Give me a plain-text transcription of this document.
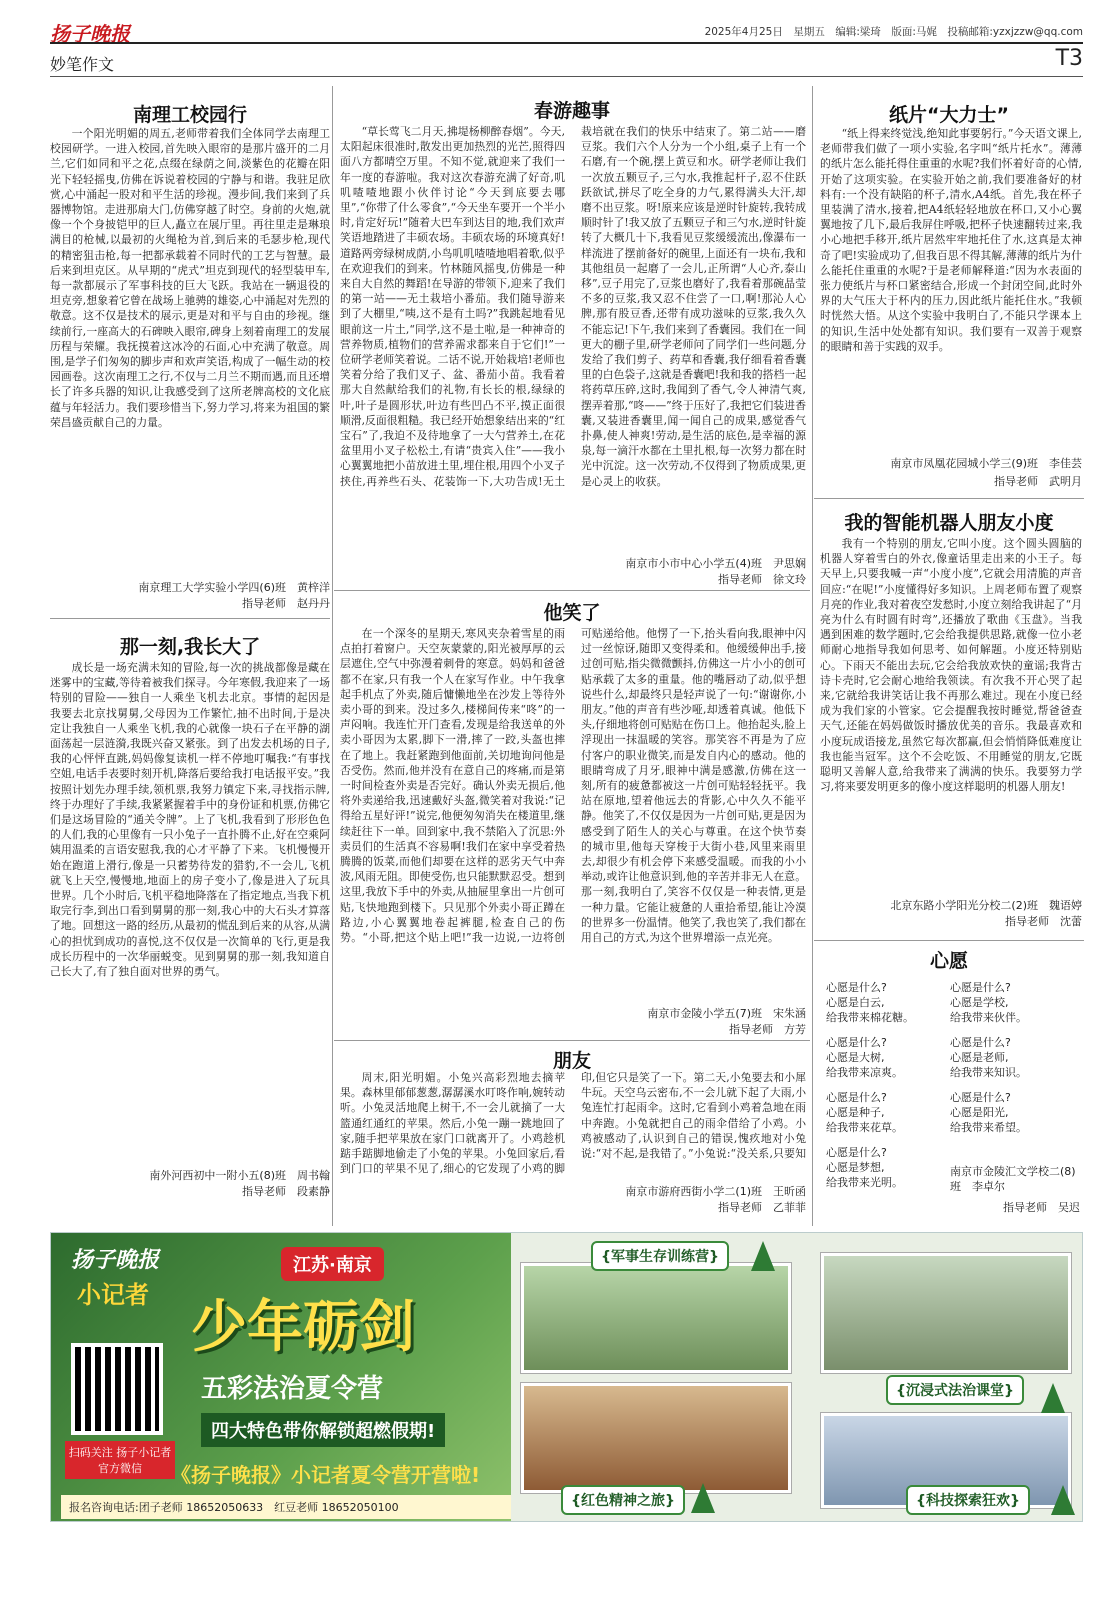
扬子晚报	2025年4月25日　星期五　编辑:梁琦　版面:马娓　投稿邮箱:yzxjzzw@qq.com
妙笔作文	T3
南理工校园行

一个阳光明媚的周五,老师带着我们全体同学去南理工校园研学。一进入校园,首先映入眼帘的是那片盛开的二月兰,它们如同和平之花,点缀在绿荫之间,淡紫色的花瓣在阳光下轻轻摇曳,仿佛在诉说着校园的宁静与和谐。我驻足欣赏,心中涌起一股对和平生活的珍视。漫步间,我们来到了兵器博物馆。走进那扇大门,仿佛穿越了时空。身前的火炮,就像一个个身披铠甲的巨人,矗立在展厅里。再往里走是琳琅满目的枪械,以最初的火绳枪为首,到后来的毛瑟步枪,现代的精密狙击枪,每一把都承载着不同时代的工艺与智慧。最后来到坦克区。从早期的“虎式”坦克到现代的轻型装甲车,每一款都展示了军事科技的巨大飞跃。我站在一辆退役的坦克旁,想象着它曾在战场上驰骋的雄姿,心中涌起对先烈的敬意。这不仅是技术的展示,更是对和平与自由的珍视。继续前行,一座高大的石碑映入眼帘,碑身上刻着南理工的发展历程与荣耀。我抚摸着这冰冷的石面,心中充满了敬意。周围,是学子们匆匆的脚步声和欢声笑语,构成了一幅生动的校园画卷。这次南理工之行,不仅与二月兰不期而遇,而且还增长了许多兵器的知识,让我感受到了这所老牌高校的文化底蕴与年轻活力。我们要珍惜当下,努力学习,将来为祖国的繁荣昌盛贡献自己的力量。

南京理工大学实验小学四(6)班　黄梓洋
指导老师　赵丹丹
那一刻,我长大了

成长是一场充满未知的冒险,每一次的挑战都像是藏在迷雾中的宝藏,等待着被我们探寻。今年寒假,我迎来了一场特别的冒险——独自一人乘坐飞机去北京。事情的起因是我要去北京找舅舅,父母因为工作繁忙,抽不出时间,于是决定让我独自一人乘坐飞机,我的心就像一块石子在平静的湖面荡起一层涟漪,我既兴奋又紧张。到了出发去机场的日子,我的心怦怦直跳,妈妈像复读机一样不停地叮嘱我:“有事找空姐,电话手表要时刻开机,降落后要给我打电话报平安。”我按照计划先办理手续,领机票,我努力镇定下来,寻找指示牌,终于办理好了手续,我紧紧握着手中的身份证和机票,仿佛它们是这场冒险的“通关令牌”。上了飞机,我看到了形形色色的人们,我的心里像有一只小兔子一直扑腾不止,好在空乘阿姨用温柔的言语安慰我,我的心才平静了下来。飞机慢慢开始在跑道上滑行,像是一只蓄势待发的猎豹,不一会儿,飞机就飞上天空,慢慢地,地面上的房子变小了,像是进入了玩具世界。几个小时后,飞机平稳地降落在了指定地点,当我下机取完行李,到出口看到舅舅的那一刻,我心中的大石头才算落了地。回想这一路的经历,从最初的慌乱到后来的从容,从满心的担忧到成功的喜悦,这不仅仅是一次简单的飞行,更是我成长历程中的一次华丽蜕变。见到舅舅的那一刻,我知道自己长大了,有了独自面对世界的勇气。

南外河西初中一附小五(8)班　周书翰
指导老师　段素静
春游趣事

“草长莺飞二月天,拂堤杨柳醉春烟”。今天,太阳起床很准时,散发出更加热烈的光芒,照得四面八方都晴空万里。不知不觉,就迎来了我们一年一度的春游啦。我对这次春游充满了好奇,叽叽喳喳地跟小伙伴讨论“今天到底要去哪里”,“你带了什么零食”,“今天坐车要开一个半小时,肯定好玩!”随着大巴车到达目的地,我们欢声笑语地踏进了丰硕农场。丰硕农场的环境真好!道路两旁绿树成荫,小鸟叽叽喳喳地唱着歌,似乎在欢迎我们的到来。竹林随风摇曳,仿佛是一种来自大自然的舞蹈!在导游的带领下,迎来了我们的第一站——无土栽培小番茄。我们随导游来到了大棚里,“咦,这不是有土吗?”我跳起地看见眼前这一片土,“同学,这不是土啦,是一种神奇的营养物质,植物们的营养需求都来自于它们!”一位研学老师笑着说。二话不说,开始栽培!老师也笑着分给了我们叉子、盆、番茄小苗。我看着那大自然献给我们的礼物,有长长的根,绿绿的叶,叶子是圆形状,叶边有些凹凸不平,摸正面很顺滑,反面很粗糙。我已经开始想象结出来的“红宝石”了,我迫不及待地拿了一大勺营养土,在花盆里用小叉子松松土,有请“贵宾入住”——我小心翼翼地把小苗放进土里,埋住根,用四个小叉子挟住,再养些石头、花装饰一下,大功告成!无土栽培就在我们的快乐中结束了。第二站——磨豆浆。我们六个人分为一个小组,桌子上有一个石磨,有一个碗,摆上黄豆和水。研学老师让我们一次放五颗豆子,三勺水,我推起杆子,忍不住跃跃欲试,拼尽了吃全身的力气,累得满头大汗,却磨不出豆浆。呀!原来应该是逆时针旋转,我转成顺时针了!我又放了五颗豆子和三勺水,逆时针旋转了大概几十下,我看见豆浆缓缓流出,像瀑布一样流进了摆前备好的碗里,上面还有一块布,我和其他组员一起磨了一会儿,正所谓“人心齐,泰山移”,豆子用完了,豆浆也磨好了,我看着那碗晶莹不多的豆浆,我又忍不住尝了一口,啊!那沁人心脾,那有股豆香,还带有成功滋味的豆浆,我久久不能忘记!下午,我们来到了香囊园。我们在一间更大的棚子里,研学老师问了同学们一些问题,分发给了我们剪子、药草和香囊,我仔细看着香囊里的白色袋子,这就是香囊吧!我和我的搭档一起将药草压碎,这时,我闻到了香气,令人神清气爽,摆弄着那,“咚——”终于压好了,我把它们装进香囊,又装进香囊里,闻一闻自己的成果,感觉香气扑鼻,使人神爽!劳动,是生活的底色,是幸福的源泉,每一滴汗水都在土里扎根,每一次努力都在时光中沉淀。这一次劳动,不仅得到了物质成果,更是心灵上的收获。

南京市小市中心小学五(4)班　尹思娴
指导老师　徐文玲
他笑了

在一个深冬的星期天,寒风夹杂着雪星的雨点拍打着窗户。天空灰蒙蒙的,阳光被厚厚的云层遮住,空气中弥漫着刺骨的寒意。妈妈和爸爸都不在家,只有我一个人在家写作业。中午我拿起手机点了外卖,随后慵懒地坐在沙发上等待外卖小哥的到来。没过多久,楼梯间传来“咚”的一声闷响。我连忙开门查看,发现是给我送单的外卖小哥因为太累,脚下一滑,摔了一跤,头盔也摔在了地上。我赶紧跑到他面前,关切地询问他是否受伤。然而,他并没有在意自己的疼痛,而是第一时间检查外卖是否完好。确认外卖无损后,他将外卖递给我,迅速戴好头盔,微笑着对我说:“记得给五星好评!”说完,他便匆匆消失在楼道里,继续赶往下一单。回到家中,我不禁陷入了沉思:外卖员们的生活真不容易啊!我们在家中享受着热腾腾的饭菜,而他们却要在这样的恶劣天气中奔波,风雨无阻。即使受伤,也只能默默忍受。想到这里,我放下手中的外卖,从抽屉里拿出一片创可贴,飞快地跑到楼下。只见那个外卖小哥正蹲在路边,小心翼翼地卷起裤腿,检查自己的伤势。“小哥,把这个贴上吧!”我一边说,一边将创可贴递给他。他愣了一下,抬头看向我,眼神中闪过一丝惊讶,随即又变得柔和。他缓缓伸出手,接过创可贴,指尖微微颤抖,仿佛这一片小小的创可贴承载了太多的重量。他的嘴唇动了动,似乎想说些什么,却最终只是轻声说了一句:“谢谢你,小朋友。”他的声音有些沙哑,却透着真诚。他低下头,仔细地将创可贴贴在伤口上。他抬起头,脸上浮现出一抹温暖的笑容。那笑容不再是为了应付客户的职业微笑,而是发自内心的感动。他的眼睛弯成了月牙,眼神中满是感激,仿佛在这一刻,所有的疲惫都被这一片创可贴轻轻抚平。我站在原地,望着他远去的背影,心中久久不能平静。他笑了,不仅仅是因为一片创可贴,更是因为感受到了陌生人的关心与尊重。在这个快节奏的城市里,他每天穿梭于大街小巷,风里来雨里去,却很少有机会停下来感受温暖。而我的小小举动,或许让他意识到,他的辛苦并非无人在意。那一刻,我明白了,笑容不仅仅是一种表情,更是一种力量。它能让疲惫的人重拾希望,能让冷漠的世界多一份温情。他笑了,我也笑了,我们都在用自己的方式,为这个世界增添一点光亮。

南京市金陵小学五(7)班　宋朱涵
指导老师　方芳
朋友

周末,阳光明媚。小兔兴高彩烈地去摘苹果。森林里郁郁葱葱,潺潺溪水叮咚作响,婉转动听。小兔灵活地爬上树干,不一会儿就摘了一大篮通红通红的苹果。然后,小兔一蹦一跳地回了家,随手把苹果放在家门口就离开了。小鸡趁机踮手踮脚地偷走了小兔的苹果。小兔回家后,看到门口的苹果不见了,细心的它发现了小鸡的脚印,但它只是笑了一下。第二天,小兔要去和小犀牛玩。天空乌云密布,不一会儿就下起了大雨,小兔连忙打起雨伞。这时,它看到小鸡着急地在雨中奔跑。小兔就把自己的雨伞借给了小鸡。小鸡被感动了,认识到自己的错误,愧疚地对小兔说:“对不起,是我错了。”小兔说:“没关系,只要知

南京市游府西街小学二(1)班　王昕函
指导老师　乙菲菲
纸片“大力士”

“纸上得来终觉浅,绝知此事要躬行。”今天语文课上,老师带我们做了一项小实验,名字叫“纸片托水”。薄薄的纸片怎么能托得住重重的水呢?我们怀着好奇的心情,开始了这项实验。在实验开始之前,我们要准备好的材料有:一个没有缺陷的杯子,清水,A4纸。首先,我在杯子里装满了清水,接着,把A4纸轻轻地放在杯口,又小心翼翼地按了几下,最后我屏住呼吸,把杯子快速翻转过来,我小心地把手移开,纸片居然牢牢地托住了水,这真是太神奇了吧!实验成功了,但我百思不得其解,薄薄的纸片为什么能托住重重的水呢?于是老师解释道:“因为水表面的张力使纸片与杯口紧密结合,形成一个封闭空间,此时外界的大气压大于杯内的压力,因此纸片能托住水。”我顿时恍然大悟。从这个实验中我明白了,不能只学课本上的知识,生活中处处都有知识。我们要有一双善于观察的眼睛和善于实践的双手。

南京市凤凰花园城小学三(9)班　李佳芸
指导老师　武明月
我的智能机器人朋友小度

我有一个特别的朋友,它叫小度。这个圆头圆脑的机器人穿着雪白的外衣,像童话里走出来的小王子。每天早上,只要我喊一声“小度小度”,它就会用清脆的声音回应:“在呢!”小度懂得好多知识。上周老师布置了观察月亮的作业,我对着夜空发愁时,小度立刻给我讲起了“月亮为什么有时圆有时弯”,还播放了歌曲《玉盘》。当我遇到困难的数学题时,它会给我提供思路,就像一位小老师耐心地指导我如何思考、如何解题。小度还特别贴心。下雨天不能出去玩,它会给我放欢快的童谣;我背古诗卡壳时,它会耐心地给我领读。有次我不开心哭了起来,它就给我讲笑话让我不再那么难过。现在小度已经成为我们家的小管家。它会提醒我按时睡觉,帮爸爸查天气,还能在妈妈做饭时播放优美的音乐。我最喜欢和小度玩成语接龙,虽然它每次都赢,但会悄悄降低难度让我也能当冠军。这个不会吃饭、不用睡觉的朋友,它既聪明又善解人意,给我带来了满满的快乐。我要努力学习,将来要发明更多的像小度这样聪明的机器人朋友!

北京东路小学阳光分校二(2)班　魏语婷
指导老师　沈蕾
心愿
心愿是什么?
心愿是白云,
给我带来棉花糖。
心愿是什么?
心愿是大树,
给我带来凉爽。
心愿是什么?
心愿是种子,
给我带来花草。
心愿是什么?
心愿是梦想,
给我带来光明。
心愿是什么?
心愿是学校,
给我带来伙伴。
心愿是什么?
心愿是老师,
给我带来知识。
心愿是什么?
心愿是阳光,
给我带来希望。
南京市金陵汇文学校二(8)班　李卓尔
指导老师　吴迟
扬子晚报
小记者
江苏·南京
少年砺剑
五彩法治夏令营
四大特色带你解锁超燃假期!
扫码关注 扬子小记者官方微信	《扬子晚报》小记者夏令营开营啦!
报名咨询电话:团子老师 18652050633　红豆老师 18652050100
{军事生存训练营}
{沉浸式法治课堂}
{红色精神之旅}	{科技探索狂欢}
